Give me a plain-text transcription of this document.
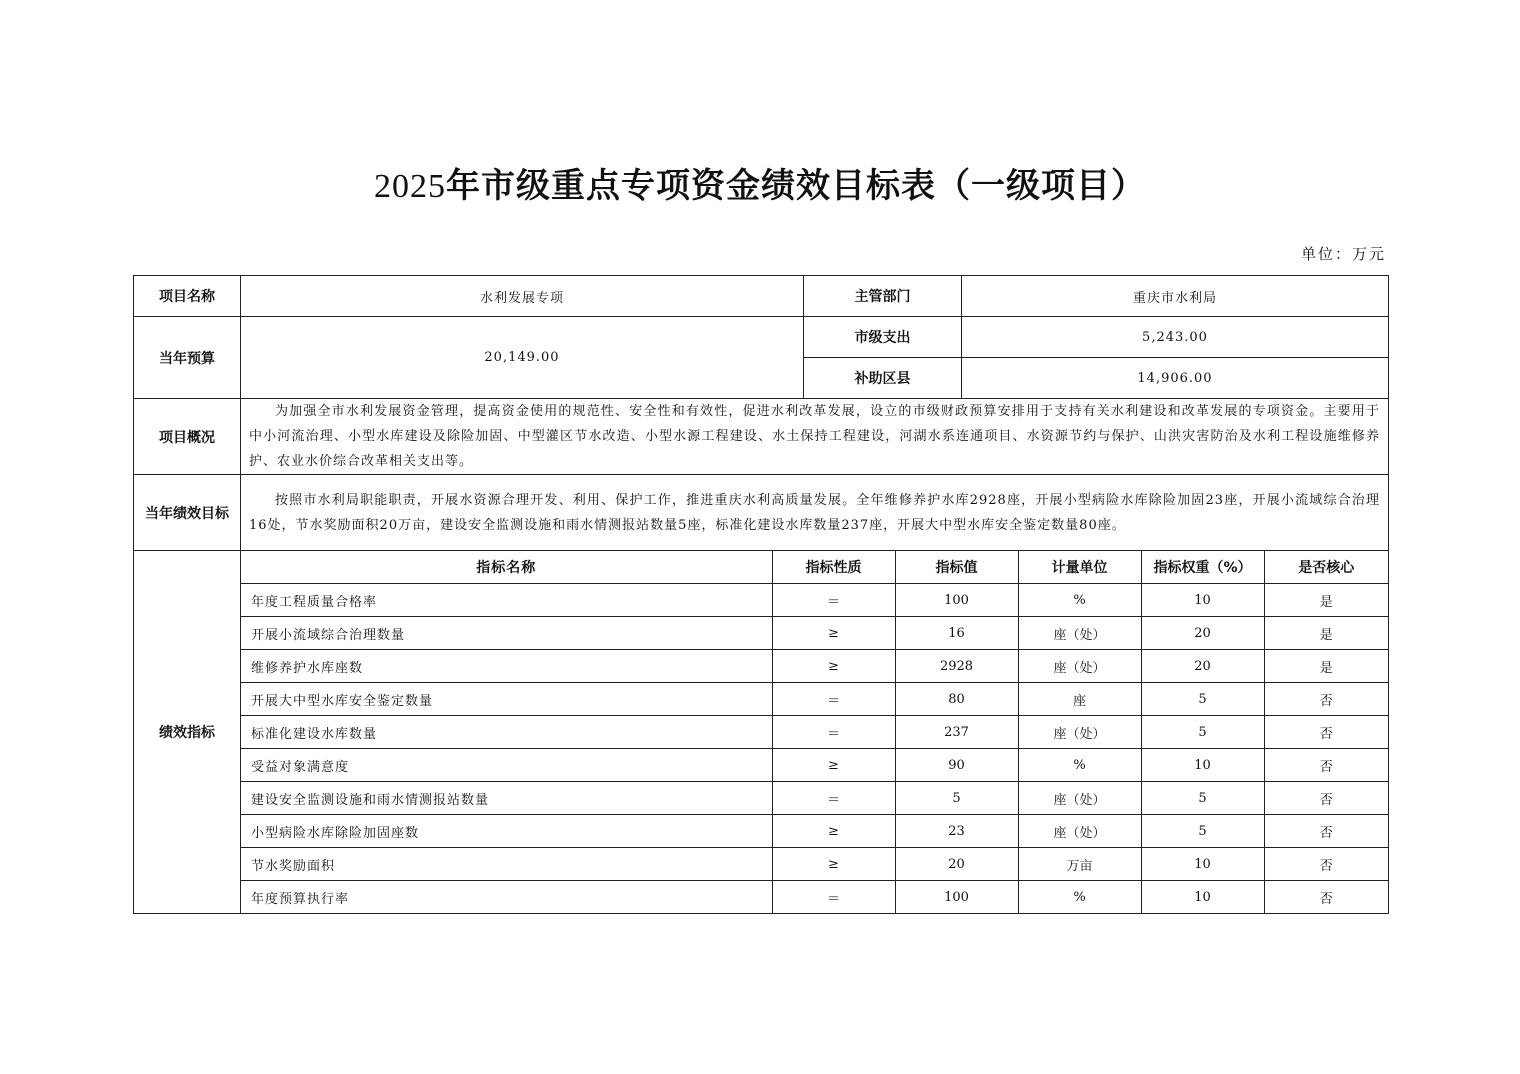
2025年市级重点专项资金绩效目标表（一级项目）
单位：万元
项目名称	水利发展专项	主管部门	重庆市水利局
当年预算	20,149.00	市级支出	5,243.00
补助区县	14,906.00
项目概况	为加强全市水利发展资金管理，提高资金使用的规范性、安全性和有效性，促进水利改革发展，设立的市级财政预算安排用于支持有关水利建设和改革发展的专项资金。主要用于中小河流治理、小型水库建设及除险加固、中型灌区节水改造、小型水源工程建设、水土保持工程建设，河湖水系连通项目、水资源节约与保护、山洪灾害防治及水利工程设施维修养护、农业水价综合改革相关支出等。
当年绩效目标	按照市水利局职能职责，开展水资源合理开发、利用、保护工作，推进重庆水利高质量发展。全年维修养护水库2928座，开展小型病险水库除险加固23座，开展小流域综合治理16处，节水奖励面积20万亩，建设安全监测设施和雨水情测报站数量5座，标准化建设水库数量237座，开展大中型水库安全鉴定数量80座。
绩效指标	
指标名称	指标性质	指标值	计量单位	指标权重（%）	是否核心
年度工程质量合格率	＝	100	%	10	是
开展小流域综合治理数量	≥	16	座（处）	20	是
维修养护水库座数	≥	2928	座（处）	20	是
开展大中型水库安全鉴定数量	＝	80	座	5	否
标准化建设水库数量	＝	237	座（处）	5	否
受益对象满意度	≥	90	%	10	否
建设安全监测设施和雨水情测报站数量	＝	5	座（处）	5	否
小型病险水库除险加固座数	≥	23	座（处）	5	否
节水奖励面积	≥	20	万亩	10	否
年度预算执行率	＝	100	%	10	否
